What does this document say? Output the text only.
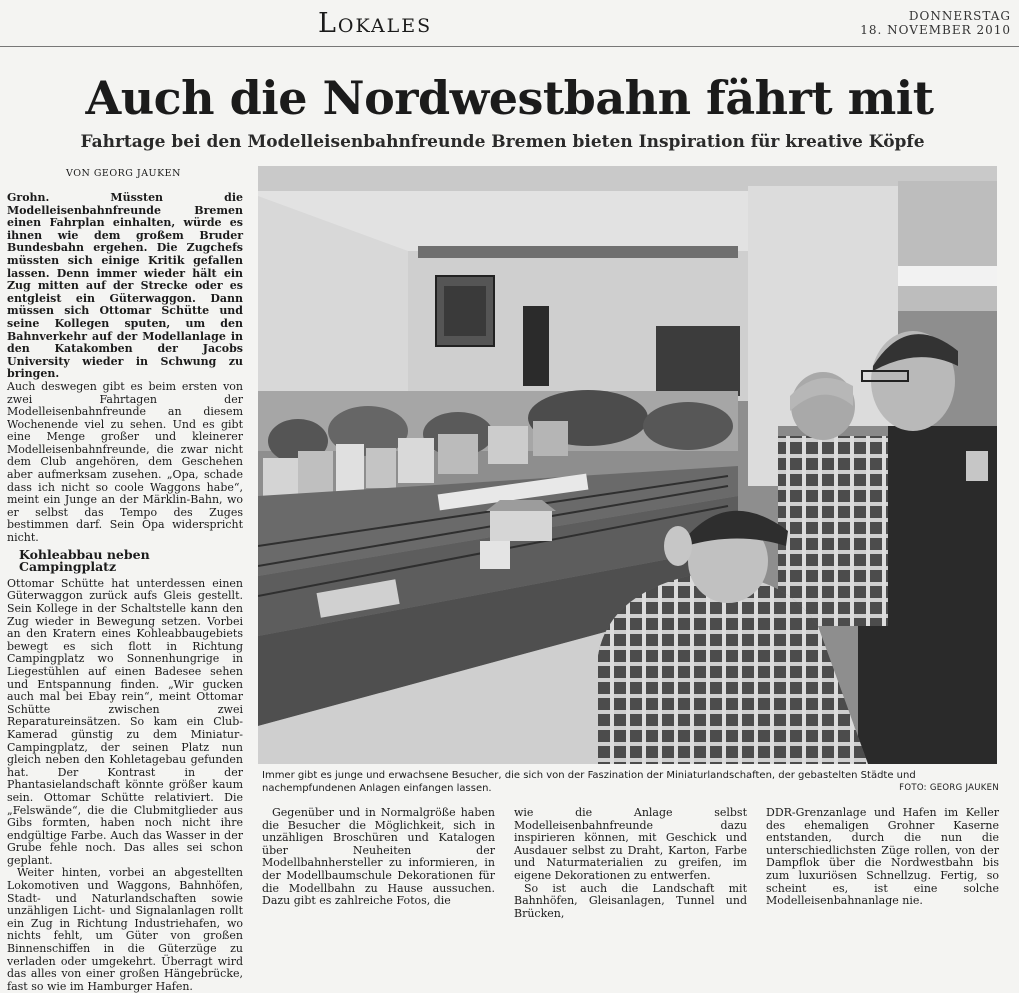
Lokales	DONNERSTAG
18. NOVEMBER 2010
Auch die Nordwestbahn fährt mit
Fahrtage bei den Modelleisenbahnfreunde Bremen bieten Inspiration für kreative Köpfe
VON GEORG JAUKEN

Grohn. Müssten die Modelleisenbahnfreunde Bremen einen Fahrplan einhalten, würde es ihnen wie dem großem Bruder Bundesbahn ergehen. Die Zugchefs müssten sich einige Kritik gefallen lassen. Denn immer wieder hält ein Zug mitten auf der Strecke oder es entgleist ein Güterwaggon. Dann müssen sich Ottomar Schütte und seine Kollegen sputen, um den Bahnverkehr auf der Modellanlage in den Katakomben der Jacobs University wieder in Schwung zu bringen.

Auch deswegen gibt es beim ersten von zwei Fahrtagen der Modelleisenbahnfreunde an diesem Wochenende viel zu sehen. Und es gibt eine Menge großer und kleinerer Modelleisenbahnfreunde, die zwar nicht dem Club angehören, dem Geschehen aber aufmerksam zusehen. „Opa, schade dass ich nicht so coole Waggons habe“, meint ein Junge an der Märklin-Bahn, wo er selbst das Tempo des Zuges bestimmen darf. Sein Opa widerspricht nicht.

Kohleabbau neben Campingplatz

Ottomar Schütte hat unterdessen einen Güterwaggon zurück aufs Gleis gestellt. Sein Kollege in der Schaltstelle kann den Zug wieder in Bewegung setzen. Vorbei an den Kratern eines Kohleabbaugebiets bewegt es sich flott in Richtung Campingplatz wo Sonnenhungrige in Liegestühlen auf einen Badesee sehen und Entspannung finden. „Wir gucken auch mal bei Ebay rein“, meint Ottomar Schütte zwischen zwei Reparatureinsätzen. So kam ein Club-Kamerad günstig zu dem Miniatur-Campingplatz, der seinen Platz nun gleich neben den Kohletagebau gefunden hat. Der Kontrast in der Phantasielandschaft könnte größer kaum sein. Ottomar Schütte relativiert. Die „Felswände“, die die Clubmitglieder aus Gibs formten, haben noch nicht ihre endgültige Farbe. Auch das Wasser in der Grube fehle noch. Das alles sei schon geplant.

Weiter hinten, vorbei an abgestellten Lokomotiven und Waggons, Bahnhöfen, Stadt- und Naturlandschaften sowie unzähligen Licht- und Signalanlagen rollt ein Zug in Richtung Industriehafen, wo nichts fehlt, um Güter von großen Binnenschiffen in die Güterzüge zu verladen oder umgekehrt. Überragt wird das alles von einer großen Hängebrücke, fast so wie im Hamburger Hafen.

Immer gibt es junge und erwachsene Besucher, die sich von der Faszination der Miniaturlandschaften, der gebastelten Städte und nachempfundenen Anlagen einfangen lassen.	FOTO: GEORG JAUKEN

Gegenüber und in Normalgröße haben die Besucher die Möglichkeit, sich in unzähligen Broschüren und Katalogen über Neuheiten der Modellbahnhersteller zu informieren, in der Modellbaumschule Dekorationen für die Modellbahn zu Hause aussuchen. Dazu gibt es zahlreiche Fotos, die

wie die Anlage selbst Modelleisenbahnfreunde dazu inspirieren können, mit Geschick und Ausdauer selbst zu Draht, Karton, Farbe und Naturmaterialien zu greifen, im eigene Dekorationen zu entwerfen.

So ist auch die Landschaft mit Bahnhöfen, Gleisanlagen, Tunnel und Brücken,

DDR-Grenzanlage und Hafen im Keller des ehemaligen Grohner Kaserne entstanden, durch die nun die unterschiedlichsten Züge rollen, von der Dampflok über die Nordwestbahn bis zum luxuriösen Schnellzug. Fertig, so scheint es, ist eine solche Modelleisenbahnanlage nie.
